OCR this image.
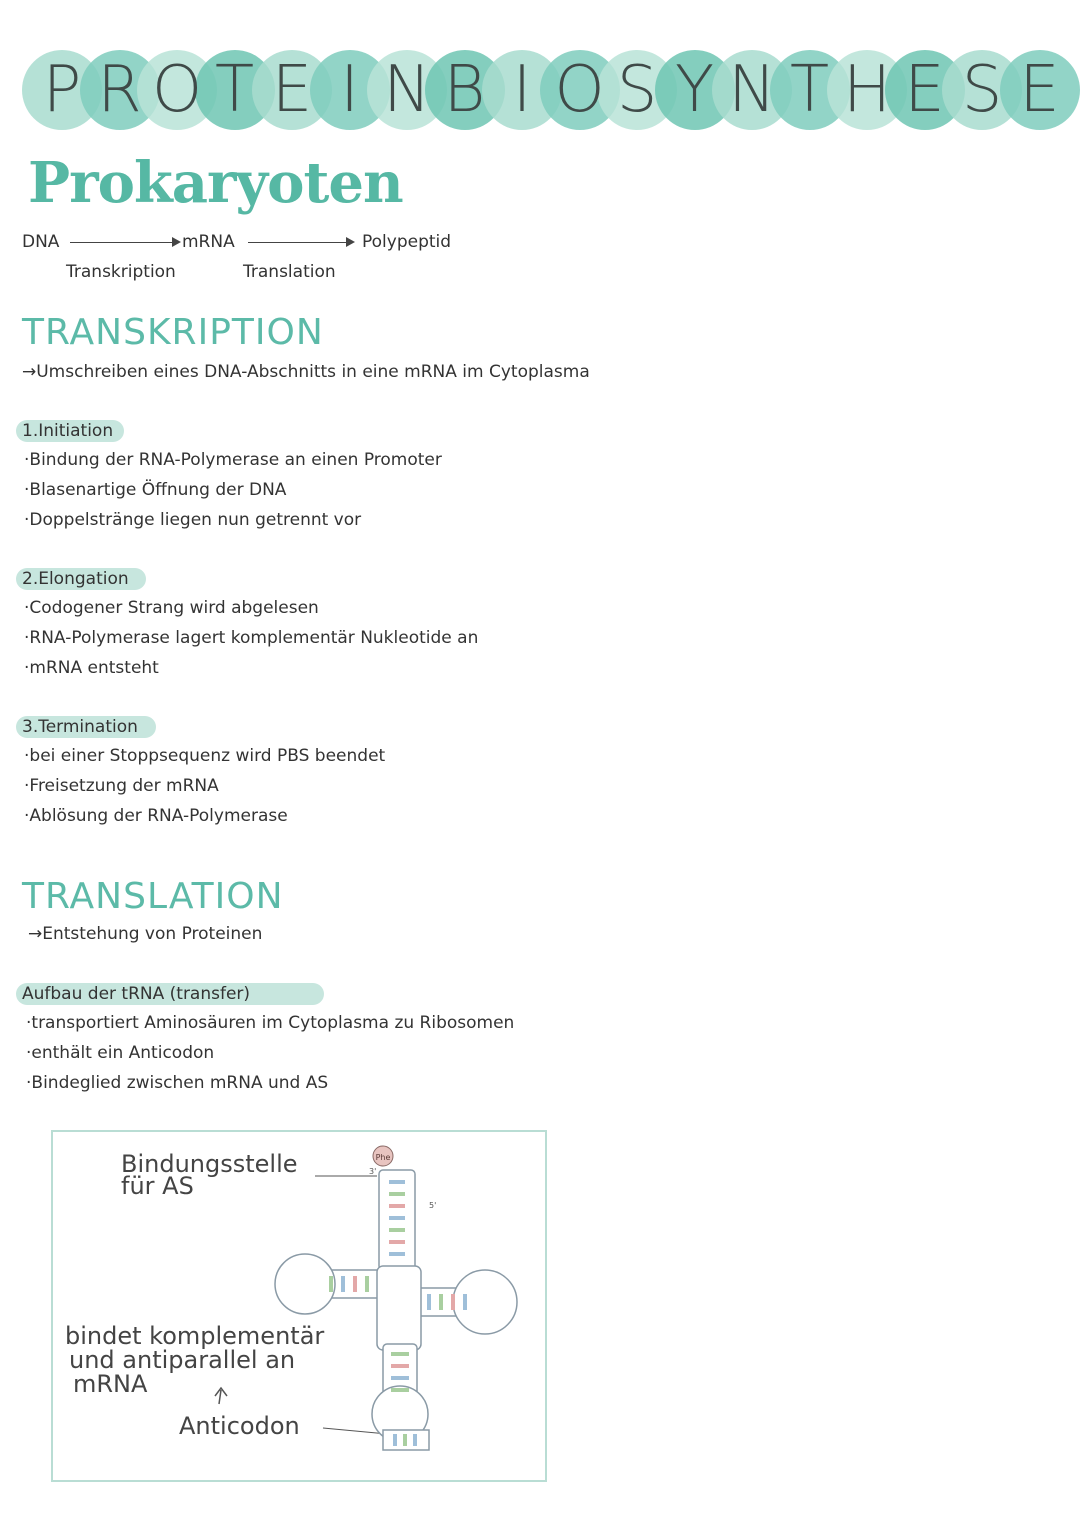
P R O T E I N B I O S Y N T H E S E
Prokaryoten
DNA	mRNA	Polypeptid
Transkription	Translation
TRANSKRIPTION
→Umschreiben eines DNA-Abschnitts in eine mRNA im Cytoplasma
1.Initiation
·Bindung der RNA-Polymerase an einen Promoter
·Blasenartige Öffnung der DNA
·Doppelstränge liegen nun getrennt vor
2.Elongation
·Codogener Strang wird abgelesen
·RNA-Polymerase lagert komplementär Nukleotide an
·mRNA entsteht
3.Termination
·bei einer Stoppsequenz wird PBS beendet
·Freisetzung der mRNA
·Ablösung der RNA-Polymerase
TRANSLATION
→Entstehung von Proteinen
Aufbau der tRNA (transfer)
·transportiert Aminosäuren im Cytoplasma zu Ribosomen
·enthält ein Anticodon
·Bindeglied zwischen mRNA und AS
Bindungsstelle
für AS
bindet komplementär
und antiparallel an
mRNA
Anticodon
Phe
3'
5'
